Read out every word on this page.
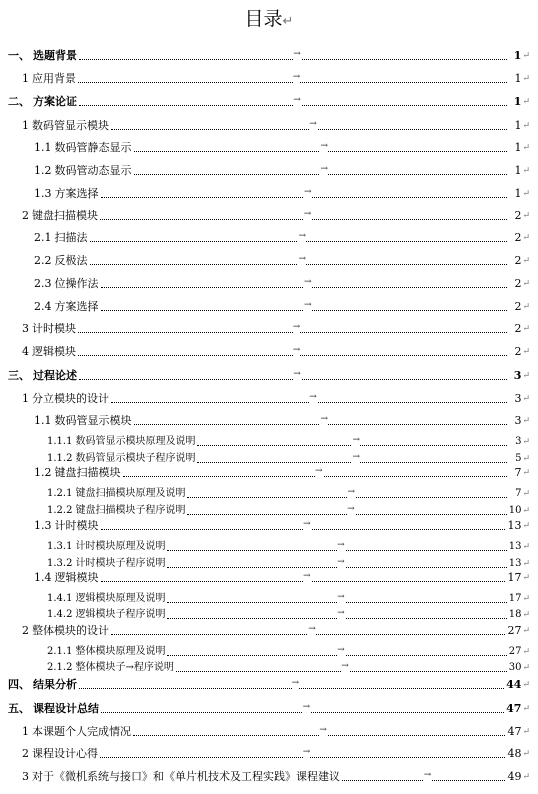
目录↵
一、 选题背景	→	1 ↵
1 应用背景	→	1 ↵
二、 方案论证	→	1 ↵
1 数码管显示模块	→	1 ↵
1.1 数码管静态显示	→	1 ↵
1.2 数码管动态显示	→	1 ↵
1.3 方案选择	→	1 ↵
2 键盘扫描模块	→	2 ↵
2.1 扫描法	→	2 ↵
2.2 反极法	→	2 ↵
2.3 位操作法	→	2 ↵
2.4 方案选择	→	2 ↵
3 计时模块	→	2 ↵
4 逻辑模块	→	2 ↵
三、 过程论述	→	3 ↵
1 分立模块的设计	→	3 ↵
1.1 数码管显示模块	→	3 ↵
1.1.1 数码管显示模块原理及说明	→	3 ↵
1.1.2 数码管显示模块子程序说明	→	5 ↵
1.2 键盘扫描模块	→	7 ↵
1.2.1 键盘扫描模块原理及说明	→	7 ↵
1.2.2 键盘扫描模块子程序说明	→	10 ↵
1.3 计时模块	→	13 ↵
1.3.1 计时模块原理及说明	→	13 ↵
1.3.2 计时模块子程序说明	→	13 ↵
1.4 逻辑模块	→	17 ↵
1.4.1 逻辑模块原理及说明	→	17 ↵
1.4.2 逻辑模块子程序说明	→	18 ↵
2 整体模块的设计	→	27 ↵
2.1.1 整体模块原理及说明	→	27 ↵
2.1.2 整体模块子→程序说明	→	30 ↵
四、 结果分析	→	44 ↵
五、 课程设计总结	→	47 ↵
1 本课题个人完成情况	→	47 ↵
2 课程设计心得	→	48 ↵
3 对于《微机系统与接口》和《单片机技术及工程实践》课程建议	→	49 ↵
